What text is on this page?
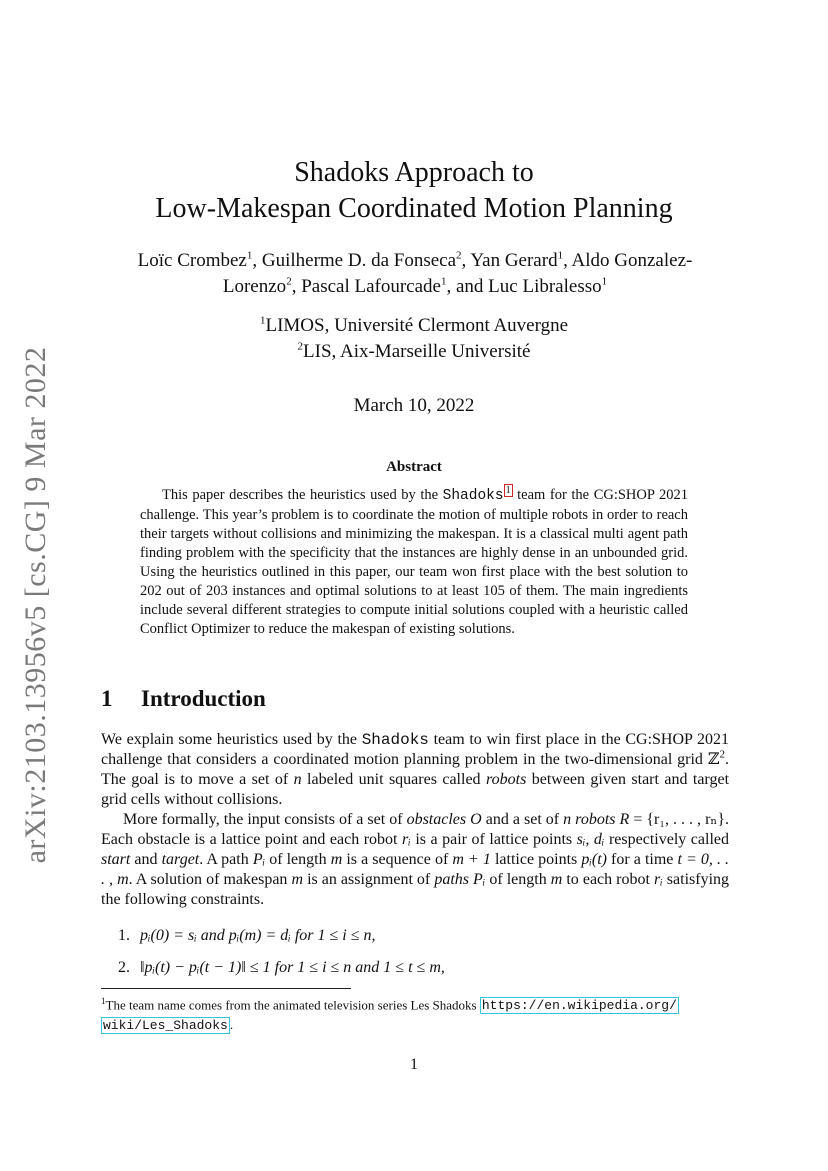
arXiv:2103.13956v5 [cs.CG] 9 Mar 2022
Shadoks Approach to
Low-Makespan Coordinated Motion Planning
Loïc Crombez$^1$, Guilherme D. da Fonseca$^2$, Yan Gerard$^1$, Aldo Gonzalez-Lorenzo$^2$, Pascal Lafourcade$^1$, and Luc Libralesso$^1$
$^1$LIMOS, Université Clermont Auvergne
$^2$LIS, Aix-Marseille Université
March 10, 2022
Abstract

This paper describes the heuristics used by the Shadoks $^1$ team for the CG:SHOP 2021 challenge. This year’s problem is to coordinate the motion of multiple robots in order to reach their targets without collisions and minimizing the makespan. It is a classical multi agent path finding problem with the specificity that the instances are highly dense in an unbounded grid. Using the heuristics outlined in this paper, our team won first place with the best solution to 202 out of 203 instances and optimal solutions to at least 105 of them. The main ingredients include several different strategies to compute initial solutions coupled with a heuristic called Conflict Optimizer to reduce the makespan of existing solutions.

1 Introduction

We explain some heuristics used by the Shadoks team to win first place in the CG:SHOP 2021 challenge that considers a coordinated motion planning problem in the two-dimensional grid ℤ$^2$. The goal is to move a set of n labeled unit squares called robots between given start and target grid cells without collisions.

More formally, the input consists of a set of obstacles O and a set of n robots R = {r₁, . . . , rₙ}. Each obstacle is a lattice point and each robot rᵢ is a pair of lattice points sᵢ, dᵢ respectively called start and target. A path Pᵢ of length m is a sequence of m + 1 lattice points pᵢ(t) for a time t = 0, . . . , m. A solution of makespan m is an assignment of paths Pᵢ of length m to each robot rᵢ satisfying the following constraints.

1. pᵢ(0) = sᵢ and pᵢ(m) = dᵢ for 1 ≤ i ≤ n,
2. ‖pᵢ(t) − pᵢ(t − 1)‖ ≤ 1 for 1 ≤ i ≤ n and 1 ≤ t ≤ m,
$^1$The team name comes from the animated television series Les Shadoks https://en.wikipedia.org/
wiki/Les_Shadoks .
1
